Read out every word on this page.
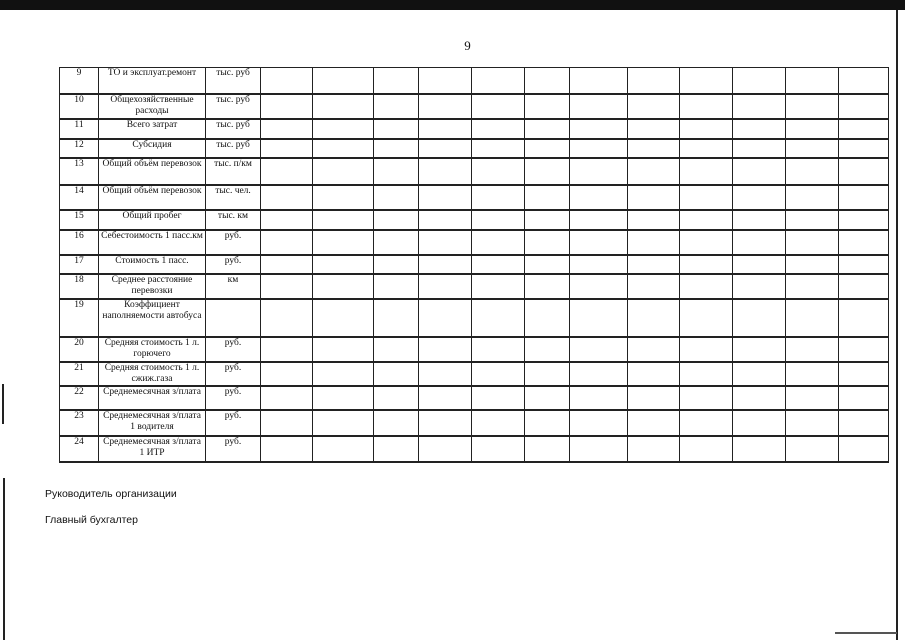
9
9	ТО и эксплуат.ремонт	тыс. руб												
10	Общехозяйственные расходы	тыс. руб												
11	Всего затрат	тыс. руб												
12	Субсидия	тыс. руб												
13	Общий объём перевозок	тыс. п/км												
14	Общий объём перевозок	тыс. чел.												
15	Общий пробег	тыс. км												
16	Себестоимость 1 пасс.км	руб.												
17	Стоимость 1 пасс.	руб.												
18	Среднее расстояние перевозки	км												
19	Коэффициент наполняемости автобуса													
20	Средняя стоимость 1 л. горючего	руб.												
21	Средняя стоимость 1 л. сжиж.газа	руб.												
22	Среднемесячная з/плата	руб.												
23	Среднемесячная з/плата 1 водителя	руб.												
24	Среднемесячная з/плата 1 ИТР	руб.												
Руководитель организации
Главный бухгалтер
